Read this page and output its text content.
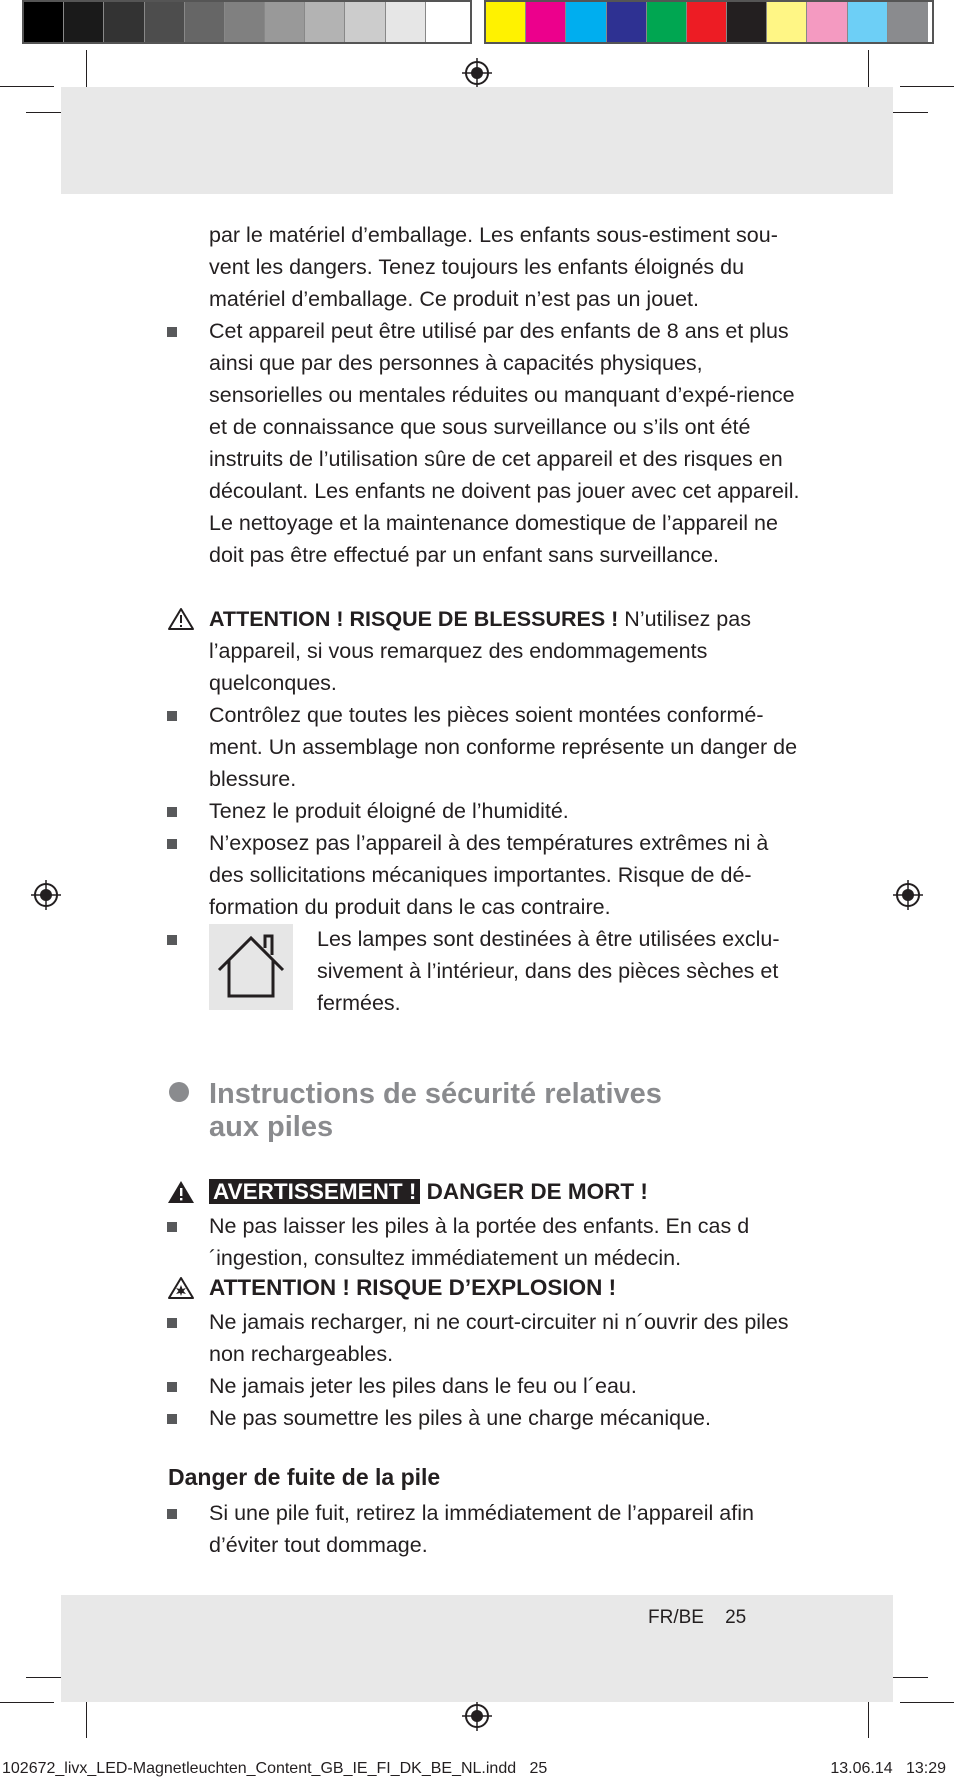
par le matériel d’emballage. Les enfants sous-estiment sou-vent les dangers. Tenez toujours les enfants éloignés du matériel d’emballage. Ce produit n’est pas un jouet.

Cet appareil peut être utilisé par des enfants de 8 ans et plus ainsi que par des personnes à capacités physiques, sensorielles ou mentales réduites ou manquant d’expé-rience et de connaissance que sous surveillance ou s’ils ont été instruits de l’utilisation sûre de cet appareil et des risques en découlant. Les enfants ne doivent pas jouer avec cet appareil. Le nettoyage et la maintenance domestique de l’appareil ne doit pas être effectué par un enfant sans surveillance.
ATTENTION ! RISQUE DE BLESSURES ! N’utilisez pas l’appareil, si vous remarquez des endommagements quelconques.
Contrôlez que toutes les pièces soient montées conformé-ment. Un assemblage non conforme représente un danger de blessure.
Tenez le produit éloigné de l’humidité.
N’exposez pas l’appareil à des températures extrêmes ni à des sollicitations mécaniques importantes. Risque de dé-formation du produit dans le cas contraire.

Les lampes sont destinées à être utilisées exclu-sivement à l’intérieur, dans des pièces sèches et fermées.

Instructions de sécurité relatives
aux piles

AVERTISSEMENT ! DANGER DE MORT !
Ne pas laisser les piles à la portée des enfants. En cas d´ingestion, consultez immédiatement un médecin.
ATTENTION ! RISQUE D’EXPLOSION !
Ne jamais recharger, ni ne court-circuiter ni n´ouvrir des piles non rechargeables.
Ne jamais jeter les piles dans le feu ou l´eau.
Ne pas soumettre les piles à une charge mécanique.

Danger de fuite de la pile

Si une pile fuit, retirez la immédiatement de l’appareil afin d’éviter tout dommage.
FR/BE    25
102672_livx_LED-Magnetleuchten_Content_GB_IE_FI_DK_BE_NL.indd   25	13.06.14   13:29
